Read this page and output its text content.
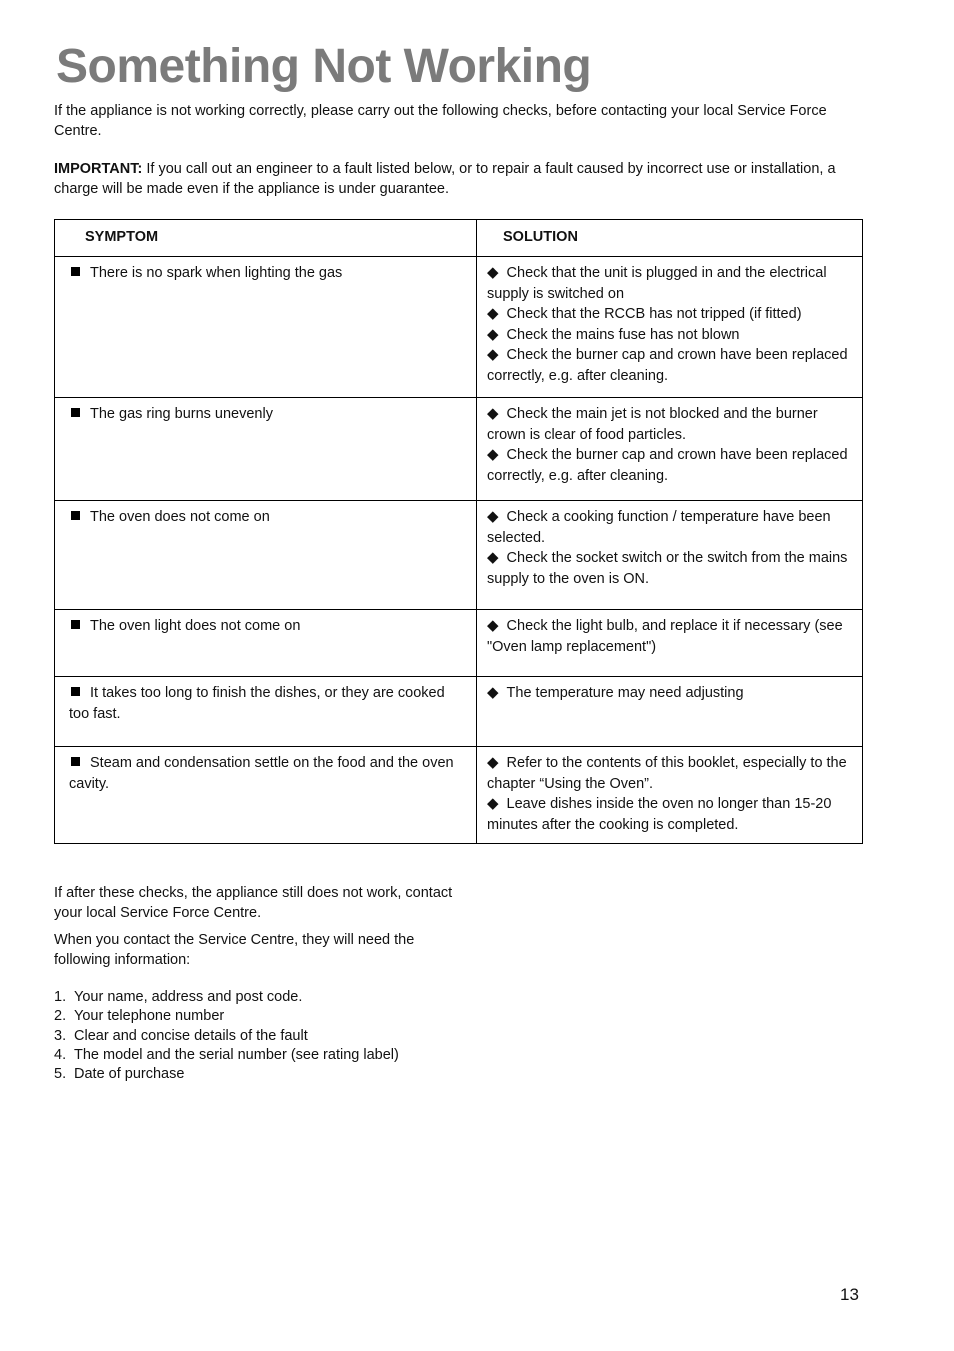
Something Not Working

If the appliance is not working correctly, please carry out the following checks, before contacting your local Service Force Centre.

IMPORTANT: If you call out an engineer to a fault listed below, or to repair a fault caused by incorrect use or installation, a charge will be made even if the appliance is under guarantee.

SYMPTOM	SOLUTION

There is no spark when lighting the gas	◆ Check that the unit is plugged in and the electrical supply is switched on
◆ Check that the RCCB has not tripped (if fitted)
◆ Check the mains fuse has not blown
◆ Check the burner cap and crown have been replaced correctly, e.g. after cleaning.

The gas ring burns unevenly	◆ Check the main jet is not blocked and the burner crown is clear of food particles.
◆ Check the burner cap and crown have been replaced correctly, e.g. after cleaning.

The oven does not come on	◆ Check a cooking function / temperature have been selected.
◆ Check the socket switch or the switch from the mains supply to the oven is ON.

The oven light does not come on	◆ Check the light bulb, and replace it if necessary (see "Oven lamp replacement")

It takes too long to finish the dishes, or they are cooked too fast.	◆ The temperature may need adjusting

Steam and condensation settle on the food and the oven cavity.	◆ Refer to the contents of this booklet, especially to the chapter “Using the Oven”.
◆ Leave dishes inside the oven no longer than 15-20 minutes after the cooking is completed.

If after these checks, the appliance still does not work, contact your local Service Force Centre.

When you contact the Service Centre, they will need the following information:

1. Your name, address and post code.
2. Your telephone number
3. Clear and concise details of the fault
4. The model and the serial number (see rating label)
5. Date of purchase
13
